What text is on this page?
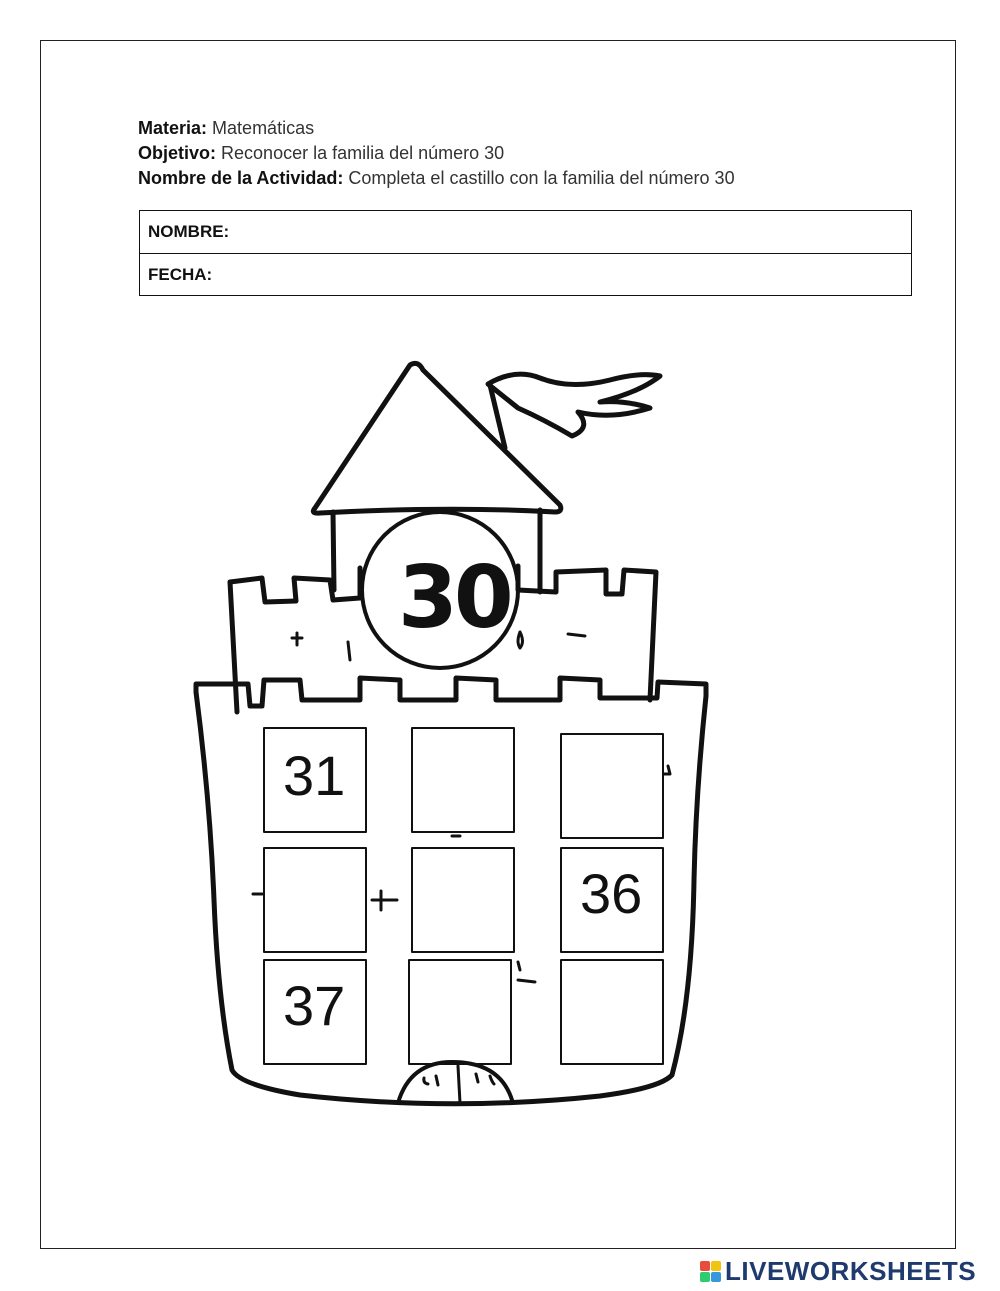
Materia: Matemáticas
Objetivo: Reconocer la familia del número 30
Nombre de la Actividad: Completa el castillo con la familia del número 30
NOMBRE:
FECHA:
30
31
36
37
LIVEWORKSHEETS
